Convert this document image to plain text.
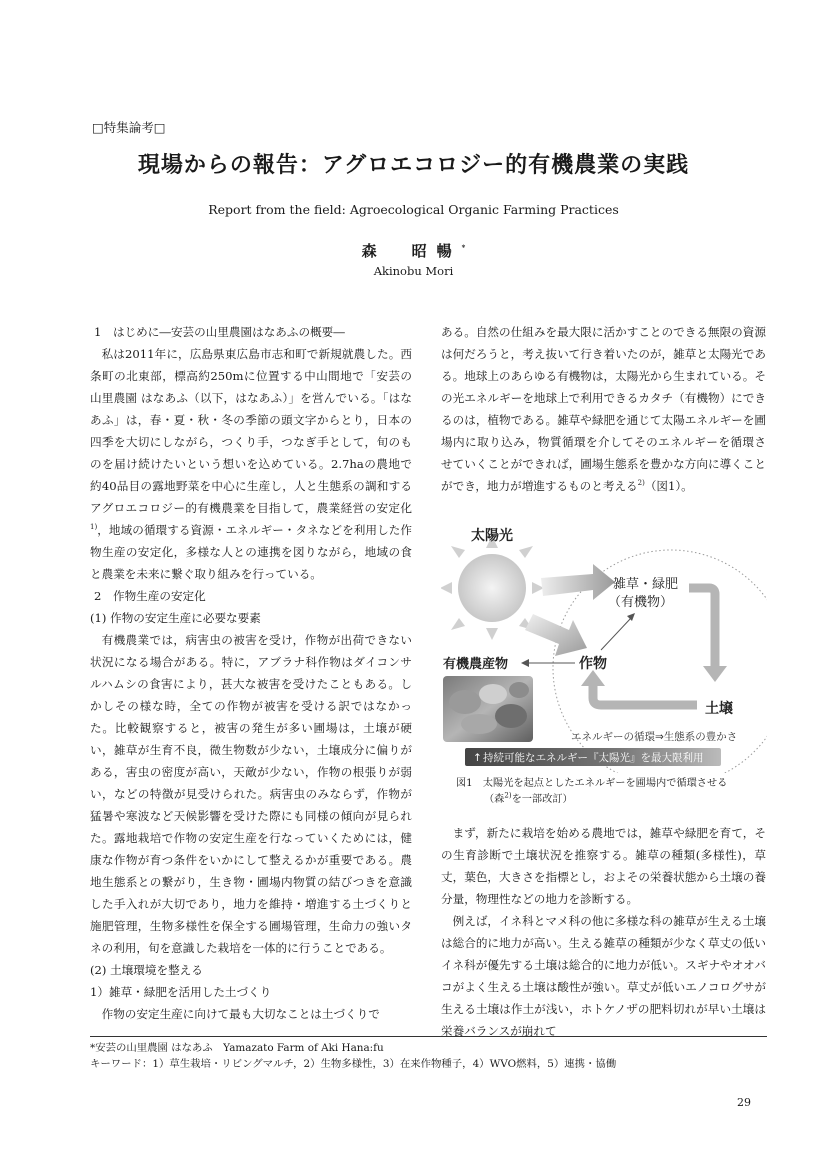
□特集論考□
現場からの報告：アグロエコロジー的有機農業の実践
Report from the field: Agroecological Organic Farming Practices
森　昭暢*
Akinobu Mori

1　はじめに―安芸の山里農園はなあふの概要―

私は2011年に，広島県東広島市志和町で新規就農した。西条町の北東部，標高約250mに位置する中山間地で「安芸の山里農園 はなあふ（以下，はなあふ）」を営んでいる。「はなあふ」は，春・夏・秋・冬の季節の頭文字からとり，日本の四季を大切にしながら，つくり手，つなぎ手として，旬のものを届け続けたいという想いを込めている。2.7haの農地で約40品目の露地野菜を中心に生産し，人と生態系の調和するアグロエコロジー的有機農業を目指して，農業経営の安定化$^{1)}$，地域の循環する資源・エネルギー・タネなどを利用した作物生産の安定化，多様な人との連携を図りながら，地域の食と農業を未来に繋ぐ取り組みを行っている。

2　作物生産の安定化

(1) 作物の安定生産に必要な要素

有機農業では，病害虫の被害を受け，作物が出荷できない状況になる場合がある。特に，アブラナ科作物はダイコンサルハムシの食害により，甚大な被害を受けたこともある。しかしその様な時，全ての作物が被害を受ける訳ではなかった。比較観察すると，被害の発生が多い圃場は，土壌が硬い，雑草が生育不良，微生物数が少ない，土壌成分に偏りがある，害虫の密度が高い，天敵が少ない，作物の根張りが弱い，などの特徴が見受けられた。病害虫のみならず，作物が猛暑や寒波など天候影響を受けた際にも同様の傾向が見られた。露地栽培で作物の安定生産を行なっていくためには，健康な作物が育つ条件をいかにして整えるかが重要である。農地生態系との繋がり，生き物・圃場内物質の結びつきを意識した手入れが大切であり，地力を維持・増進する土づくりと施肥管理，生物多様性を保全する圃場管理，生命力の強いタネの利用，旬を意識した栽培を一体的に行うことである。

(2) 土壌環境を整える

1）雑草・緑肥を活用した土づくり

作物の安定生産に向けて最も大切なことは土づくりで

ある。自然の仕組みを最大限に活かすことのできる無限の資源は何だろうと，考え抜いて行き着いたのが，雑草と太陽光である。地球上のあらゆる有機物は，太陽光から生まれている。その光エネルギーを地球上で利用できるカタチ（有機物）にできるのは，植物である。雑草や緑肥を通じて太陽エネルギーを圃場内に取り込み，物質循環を介してそのエネルギーを循環させていくことができれば，圃場生態系を豊かな方向に導くことができ，地力が増進するものと考える$^{2)}$（図1）。

太陽光
雑草・緑肥
（有機物）
土壌
作物
有機農産物
エネルギーの循環⇒生態系の豊かさ
↑ 持続可能なエネルギー『太陽光』を最大限利用
図1　太陽光を起点としたエネルギーを圃場内で循環させる
（森$^{2)}$を一部改訂）

まず，新たに栽培を始める農地では，雑草や緑肥を育て，その生育診断で土壌状況を推察する。雑草の種類(多様性)，草丈，葉色，大きさを指標とし，およその栄養状態から土壌の養分量，物理性などの地力を診断する。

例えば，イネ科とマメ科の他に多様な科の雑草が生える土壌は総合的に地力が高い。生える雑草の種類が少なく草丈の低いイネ科が優先する土壌は総合的に地力が低い。スギナやオオバコがよく生える土壌は酸性が強い。草丈が低いエノコログサが生える土壌は作土が浅い，ホトケノザの肥料切れが早い土壌は栄養バランスが崩れて

*安芸の山里農園 はなあふ　Yamazato Farm of Aki Hana:fu
キーワード：1）草生栽培・リビングマルチ，2）生物多様性，3）在来作物種子，4）WVO燃料，5）連携・協働
29
